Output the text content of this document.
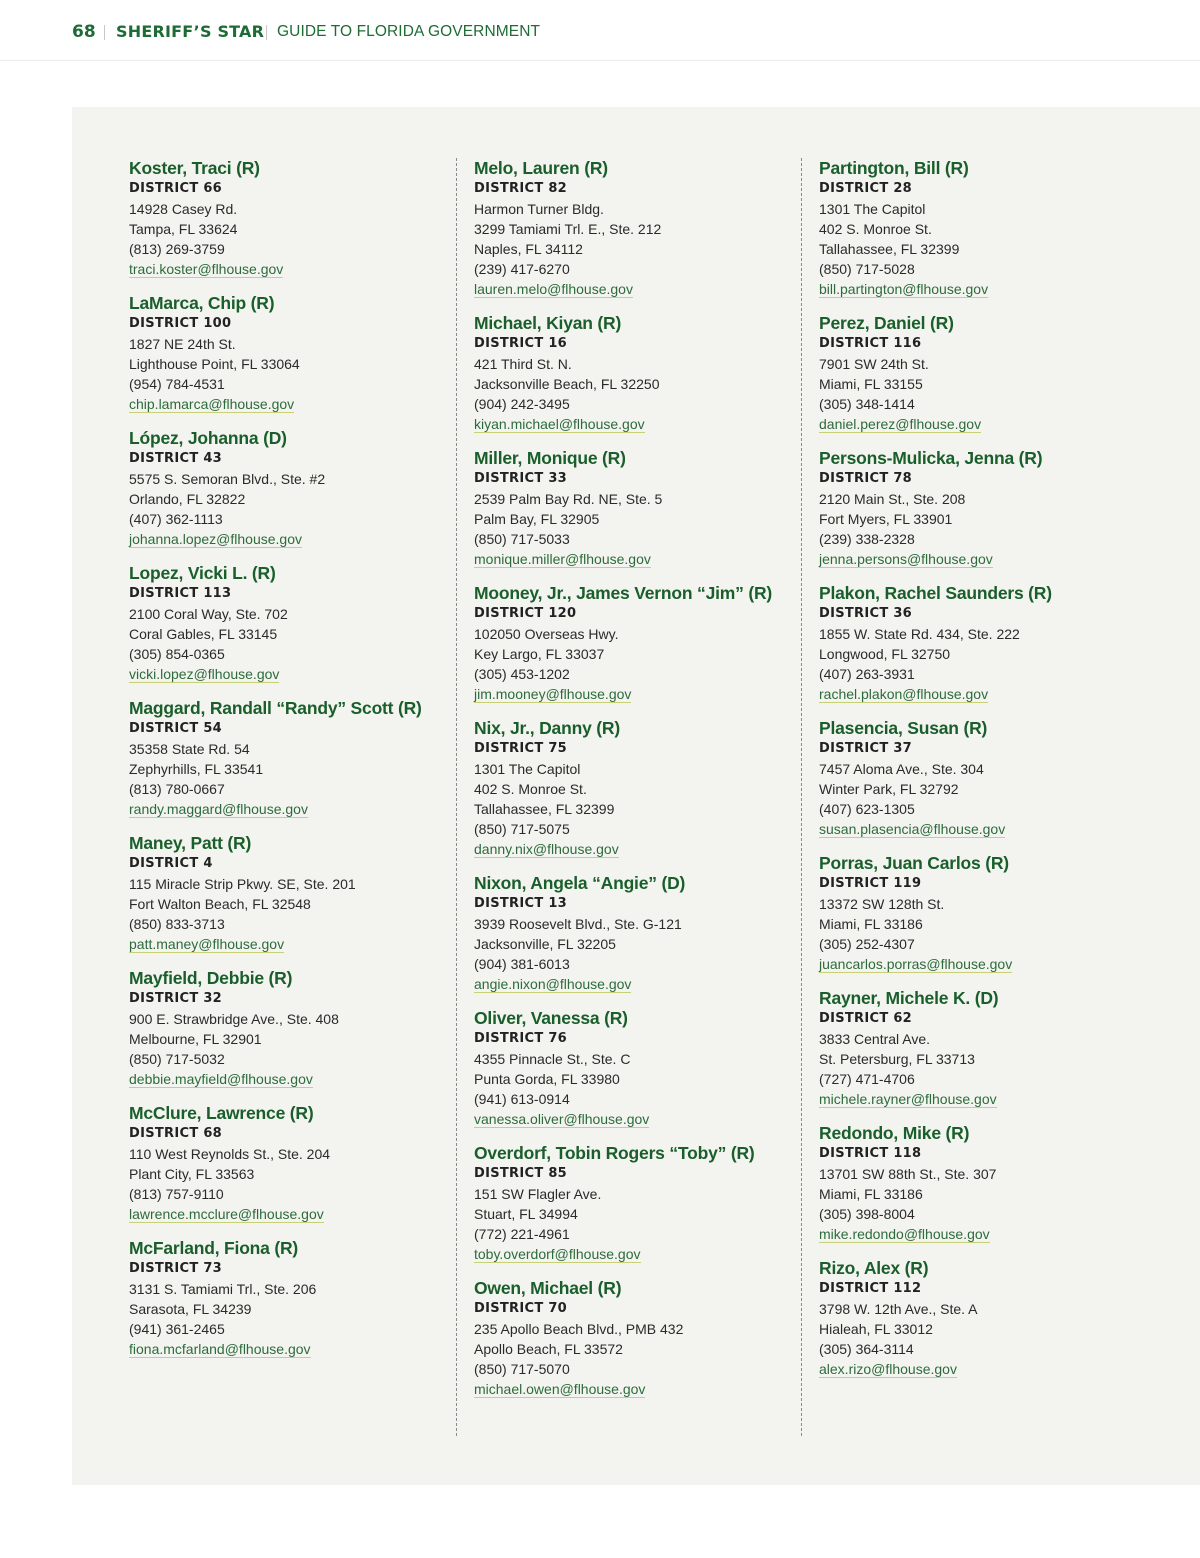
68 SHERIFF’S STAR GUIDE TO FLORIDA GOVERNMENT
Koster, Traci (R)
DISTRICT 66
14928 Casey Rd.
Tampa, FL 33624
(813) 269-3759
traci.koster@flhouse.gov
LaMarca, Chip (R)
DISTRICT 100
1827 NE 24th St.
Lighthouse Point, FL 33064
(954) 784-4531
chip.lamarca@flhouse.gov
López, Johanna (D)
DISTRICT 43
5575 S. Semoran Blvd., Ste. #2
Orlando, FL 32822
(407) 362-1113
johanna.lopez@flhouse.gov
Lopez, Vicki L. (R)
DISTRICT 113
2100 Coral Way, Ste. 702
Coral Gables, FL 33145
(305) 854-0365
vicki.lopez@flhouse.gov
Maggard, Randall “Randy” Scott (R)
DISTRICT 54
35358 State Rd. 54
Zephyrhills, FL 33541
(813) 780-0667
randy.maggard@flhouse.gov
Maney, Patt (R)
DISTRICT 4
115 Miracle Strip Pkwy. SE, Ste. 201
Fort Walton Beach, FL 32548
(850) 833-3713
patt.maney@flhouse.gov
Mayfield, Debbie (R)
DISTRICT 32
900 E. Strawbridge Ave., Ste. 408
Melbourne, FL 32901
(850) 717-5032
debbie.mayfield@flhouse.gov
McClure, Lawrence (R)
DISTRICT 68
110 West Reynolds St., Ste. 204
Plant City, FL 33563
(813) 757-9110
lawrence.mcclure@flhouse.gov
McFarland, Fiona (R)
DISTRICT 73
3131 S. Tamiami Trl., Ste. 206
Sarasota, FL 34239
(941) 361-2465
fiona.mcfarland@flhouse.gov
Melo, Lauren (R)
DISTRICT 82
Harmon Turner Bldg.
3299 Tamiami Trl. E., Ste. 212
Naples, FL 34112
(239) 417-6270
lauren.melo@flhouse.gov
Michael, Kiyan (R)
DISTRICT 16
421 Third St. N.
Jacksonville Beach, FL 32250
(904) 242-3495
kiyan.michael@flhouse.gov
Miller, Monique (R)
DISTRICT 33
2539 Palm Bay Rd. NE, Ste. 5
Palm Bay, FL 32905
(850) 717-5033
monique.miller@flhouse.gov
Mooney, Jr., James Vernon “Jim” (R)
DISTRICT 120
102050 Overseas Hwy.
Key Largo, FL 33037
(305) 453-1202
jim.mooney@flhouse.gov
Nix, Jr., Danny (R)
DISTRICT 75
1301 The Capitol
402 S. Monroe St.
Tallahassee, FL 32399
(850) 717-5075
danny.nix@flhouse.gov
Nixon, Angela “Angie” (D)
DISTRICT 13
3939 Roosevelt Blvd., Ste. G-121
Jacksonville, FL 32205
(904) 381-6013
angie.nixon@flhouse.gov
Oliver, Vanessa (R)
DISTRICT 76
4355 Pinnacle St., Ste. C
Punta Gorda, FL 33980
(941) 613-0914
vanessa.oliver@flhouse.gov
Overdorf, Tobin Rogers “Toby” (R)
DISTRICT 85
151 SW Flagler Ave.
Stuart, FL 34994
(772) 221-4961
toby.overdorf@flhouse.gov
Owen, Michael (R)
DISTRICT 70
235 Apollo Beach Blvd., PMB 432
Apollo Beach, FL 33572
(850) 717-5070
michael.owen@flhouse.gov
Partington, Bill (R)
DISTRICT 28
1301 The Capitol
402 S. Monroe St.
Tallahassee, FL 32399
(850) 717-5028
bill.partington@flhouse.gov
Perez, Daniel (R)
DISTRICT 116
7901 SW 24th St.
Miami, FL 33155
(305) 348-1414
daniel.perez@flhouse.gov
Persons-Mulicka, Jenna (R)
DISTRICT 78
2120 Main St., Ste. 208
Fort Myers, FL 33901
(239) 338-2328
jenna.persons@flhouse.gov
Plakon, Rachel Saunders (R)
DISTRICT 36
1855 W. State Rd. 434, Ste. 222
Longwood, FL 32750
(407) 263-3931
rachel.plakon@flhouse.gov
Plasencia, Susan (R)
DISTRICT 37
7457 Aloma Ave., Ste. 304
Winter Park, FL 32792
(407) 623-1305
susan.plasencia@flhouse.gov
Porras, Juan Carlos (R)
DISTRICT 119
13372 SW 128th St.
Miami, FL 33186
(305) 252-4307
juancarlos.porras@flhouse.gov
Rayner, Michele K. (D)
DISTRICT 62
3833 Central Ave.
St. Petersburg, FL 33713
(727) 471-4706
michele.rayner@flhouse.gov
Redondo, Mike (R)
DISTRICT 118
13701 SW 88th St., Ste. 307
Miami, FL 33186
(305) 398-8004
mike.redondo@flhouse.gov
Rizo, Alex (R)
DISTRICT 112
3798 W. 12th Ave., Ste. A
Hialeah, FL 33012
(305) 364-3114
alex.rizo@flhouse.gov
